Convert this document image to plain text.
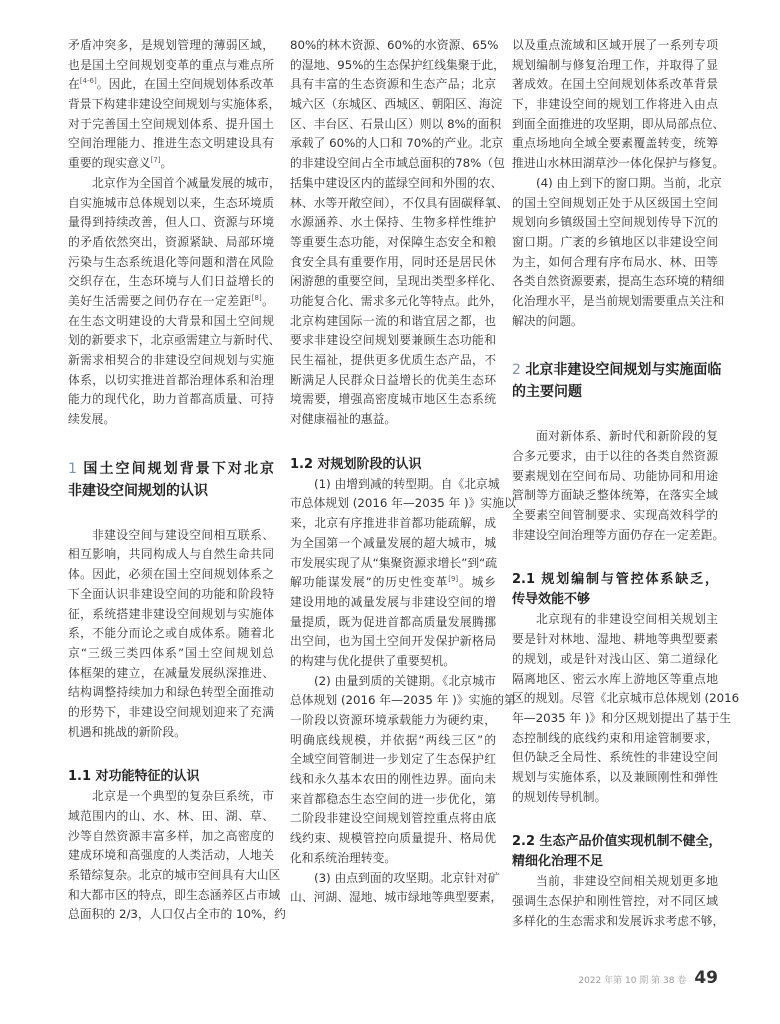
矛盾冲突多，是规划管理的薄弱区域，
也是国土空间规划变革的重点与难点所
在[4-6]。因此，在国土空间规划体系改革
背景下构建非建设空间规划与实施体系，
对于完善国土空间规划体系、提升国土
空间治理能力、推进生态文明建设具有
重要的现实意义[7]。
北京作为全国首个减量发展的城市，
自实施城市总体规划以来，生态环境质
量得到持续改善，但人口、资源与环境
的矛盾依然突出，资源紧缺、局部环境
污染与生态系统退化等问题和潜在风险
交织存在，生态环境与人们日益增长的
美好生活需要之间仍存在一定差距[8]。
在生态文明建设的大背景和国土空间规
划的新要求下，北京亟需建立与新时代、
新需求相契合的非建设空间规划与实施
体系，以切实推进首都治理体系和治理
能力的现代化，助力首都高质量、可持
续发展。
1 国土空间规划背景下对北京
非建设空间规划的认识
非建设空间与建设空间相互联系、
相互影响，共同构成人与自然生命共同
体。因此，必须在国土空间规划体系之
下全面认识非建设空间的功能和阶段特
征，系统搭建非建设空间规划与实施体
系，不能分而论之或自成体系。随着北
京“三级三类四体系”国土空间规划总
体框架的建立，在减量发展纵深推进、
结构调整持续加力和绿色转型全面推动
的形势下，非建设空间规划迎来了充满
机遇和挑战的新阶段。
1.1 对功能特征的认识
北京是一个典型的复杂巨系统，市
域范围内的山、水、林、田、湖、草、
沙等自然资源丰富多样，加之高密度的
建成环境和高强度的人类活动，人地关
系错综复杂。北京的城市空间具有大山区
和大都市区的特点，即生态涵养区占市域
总面积的 2/3，人口仅占全市的 10%，约
80%的林木资源、60%的水资源、65%
的湿地、95%的生态保护红线集聚于此，
具有丰富的生态资源和生态产品；北京
城六区（东城区、西城区、朝阳区、海淀
区、丰台区、石景山区）则以 8%的面积
承载了 60%的人口和 70%的产业。北京
的非建设空间占全市域总面积的78%（包
括集中建设区内的蓝绿空间和外围的农、
林、水等开敞空间），不仅具有固碳释氧、
水源涵养、水土保持、生物多样性维护
等重要生态功能，对保障生态安全和粮
食安全具有重要作用，同时还是居民休
闲游憩的重要空间，呈现出类型多样化、
功能复合化、需求多元化等特点。此外，
北京构建国际一流的和谐宜居之都，也
要求非建设空间规划要兼顾生态功能和
民生福祉，提供更多优质生态产品，不
断满足人民群众日益增长的优美生态环
境需要，增强高密度城市地区生态系统
对健康福祉的惠益。
1.2 对规划阶段的认识
(1) 由增到减的转型期。自《北京城
市总体规划 (2016 年—2035 年 )》实施以
来，北京有序推进非首都功能疏解，成
为全国第一个减量发展的超大城市，城
市发展实现了从“集聚资源求增长”到“疏
解功能谋发展”的历史性变革[9]。城乡
建设用地的减量发展与非建设空间的增
量提质，既为促进首都高质量发展腾挪
出空间，也为国土空间开发保护新格局
的构建与优化提供了重要契机。
(2) 由量到质的关键期。《北京城市
总体规划 (2016 年—2035 年 )》实施的第
一阶段以资源环境承载能力为硬约束，
明确底线规模，并依据“两线三区”的
全域空间管制进一步划定了生态保护红
线和永久基本农田的刚性边界。面向未
来首都稳态生态空间的进一步优化，第
二阶段非建设空间规划管控重点将由底
线约束、规模管控向质量提升、格局优
化和系统治理转变。
(3) 由点到面的攻坚期。北京针对矿
山、河湖、湿地、城市绿地等典型要素，
以及重点流域和区域开展了一系列专项
规划编制与修复治理工作，并取得了显
著成效。在国土空间规划体系改革背景
下，非建设空间的规划工作将进入由点
到面全面推进的攻坚期，即从局部点位、
重点场地向全域全要素覆盖转变，统筹
推进山水林田湖草沙一体化保护与修复。
(4) 由上到下的窗口期。当前，北京
的国土空间规划正处于从区级国土空间
规划向乡镇级国土空间规划传导下沉的
窗口期。广袤的乡镇地区以非建设空间
为主，如何合理有序布局水、林、田等
各类自然资源要素，提高生态环境的精细
化治理水平，是当前规划需要重点关注和
解决的问题。
2 北京非建设空间规划与实施面临
的主要问题
面对新体系、新时代和新阶段的复
合多元要求，由于以往的各类自然资源
要素规划在空间布局、功能协同和用途
管制等方面缺乏整体统筹，在落实全域
全要素空间管制要求、实现高效科学的
非建设空间治理等方面仍存在一定差距。
2.1 规划编制与管控体系缺乏，
传导效能不够
北京现有的非建设空间相关规划主
要是针对林地、湿地、耕地等典型要素
的规划，或是针对浅山区、第二道绿化
隔离地区、密云水库上游地区等重点地
区的规划。尽管《北京城市总体规划 (2016
年—2035 年 )》和分区规划提出了基于生
态控制线的底线约束和用途管制要求，
但仍缺乏全局性、系统性的非建设空间
规划与实施体系，以及兼顾刚性和弹性
的规划传导机制。
2.2 生态产品价值实现机制不健全，
精细化治理不足
当前，非建设空间相关规划更多地
强调生态保护和刚性管控，对不同区域
多样化的生态需求和发展诉求考虑不够，
2022 年第 10 期 第 38 卷 49
